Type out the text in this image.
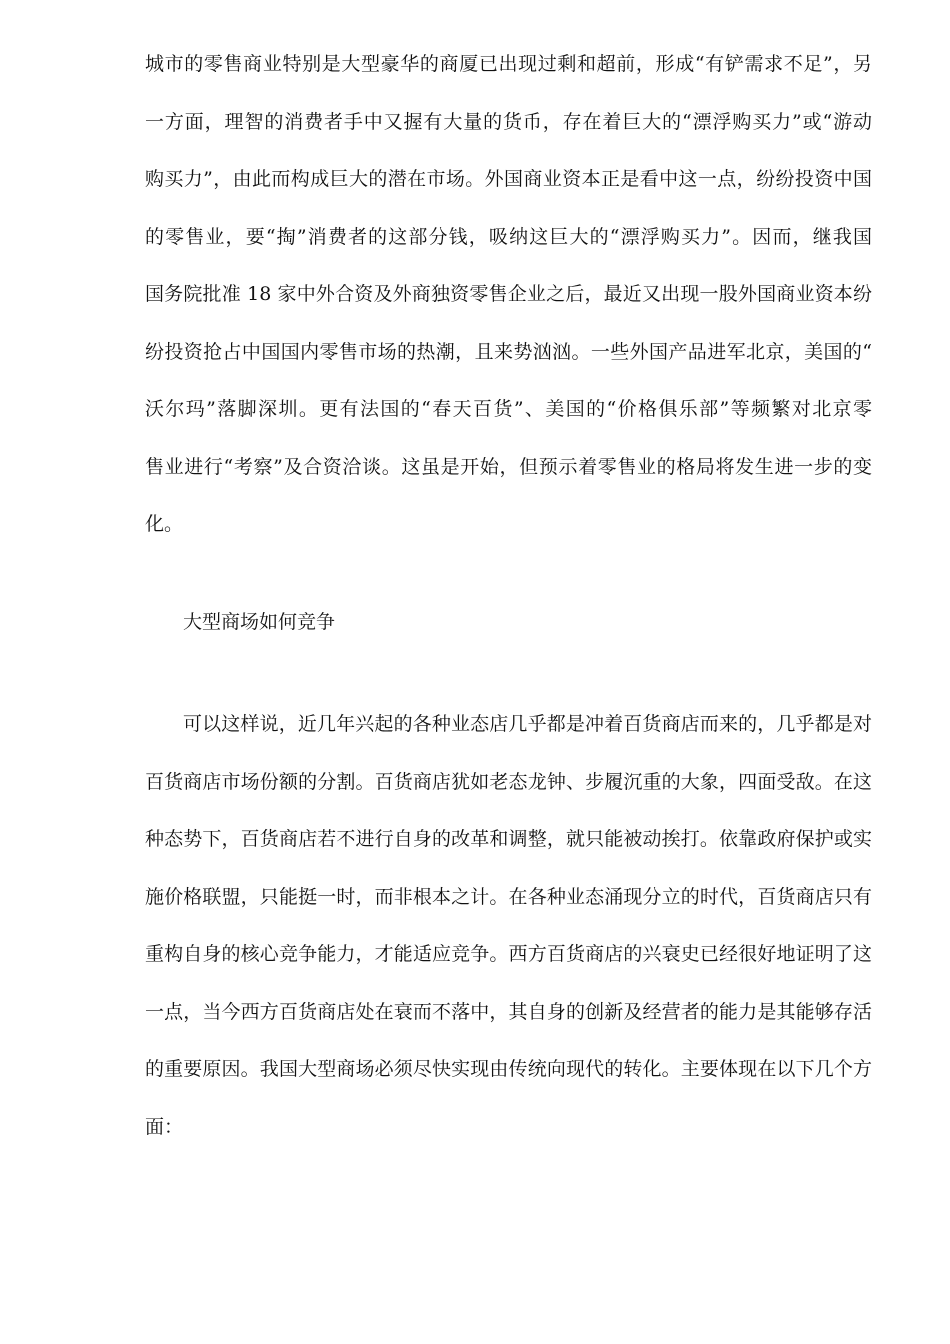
城市的零售商业特别是大型豪华的商厦已出现过剩和超前，形成“有铲需求不足”，另
一方面，理智的消费者手中又握有大量的货币，存在着巨大的“漂浮购买力”或“游动
购买力”，由此而构成巨大的潜在市场。外国商业资本正是看中这一点，纷纷投资中国
的零售业，要“掏”消费者的这部分钱，吸纳这巨大的“漂浮购买力”。因而，继我国
国务院批准 18 家中外合资及外商独资零售企业之后，最近又出现一股外国商业资本纷
纷投资抢占中国国内零售市场的热潮，且来势汹汹。一些外国产品进军北京，美国的“
沃尔玛”落脚深圳。更有法国的“春天百货”、美国的“价格俱乐部”等频繁对北京零
售业进行“考察”及合资洽谈。这虽是开始，但预示着零售业的格局将发生进一步的变
化。
大型商场如何竞争
可以这样说，近几年兴起的各种业态店几乎都是冲着百货商店而来的，几乎都是对
百货商店市场份额的分割。百货商店犹如老态龙钟、步履沉重的大象，四面受敌。在这
种态势下，百货商店若不进行自身的改革和调整，就只能被动挨打。依靠政府保护或实
施价格联盟，只能挺一时，而非根本之计。在各种业态涌现分立的时代，百货商店只有
重构自身的核心竞争能力，才能适应竞争。西方百货商店的兴衰史已经很好地证明了这
一点，当今西方百货商店处在衰而不落中，其自身的创新及经营者的能力是其能够存活
的重要原因。我国大型商场必须尽快实现由传统向现代的转化。主要体现在以下几个方
面：
